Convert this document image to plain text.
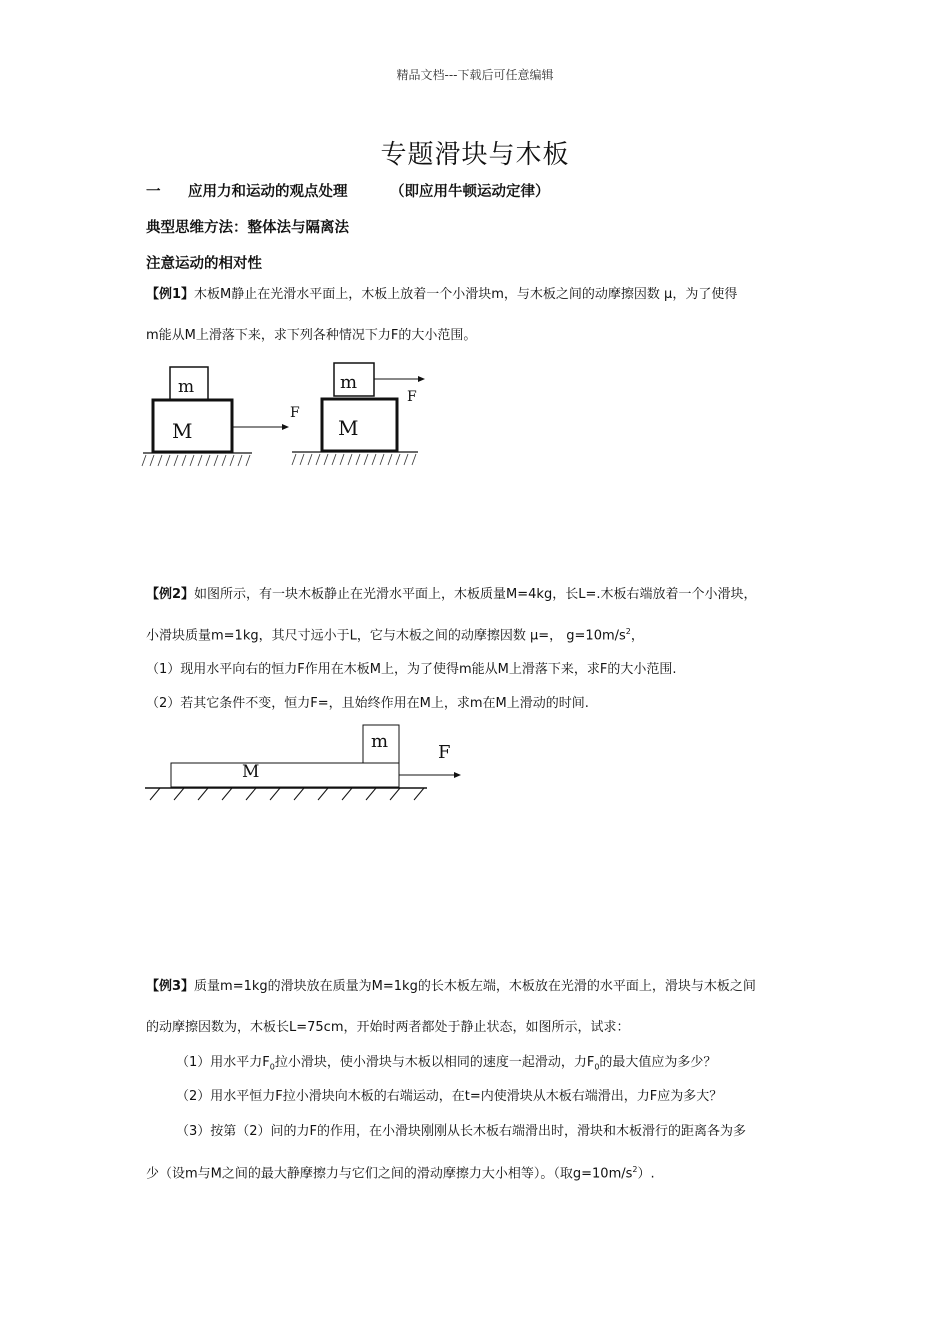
精品文档---下载后可任意编辑
专题滑块与木板
一 应用力和运动的观点处理	（即应用牛顿运动定律）
典型思维方法：整体法与隔离法
注意运动的相对性
【例1】木板M静止在光滑水平面上，木板上放着一个小滑块m，与木板之间的动摩擦因数 μ，为了使得
m能从M上滑落下来，求下列各种情况下力F的大小范围。
m
M
F
m
M
F
【例2】如图所示，有一块木板静止在光滑水平面上，木板质量M=4kg，长L=.木板右端放着一个小滑块，
小滑块质量m=1kg，其尺寸远小于L，它与木板之间的动摩擦因数 μ=， $g=10m/s^2$，
（1）现用水平向右的恒力F作用在木板M上，为了使得m能从M上滑落下来，求F的大小范围.
（2）若其它条件不变，恒力F=，且始终作用在M上，求m在M上滑动的时间.
m
M
F
【例3】质量m=1kg的滑块放在质量为M=1kg的长木板左端，木板放在光滑的水平面上，滑块与木板之间
的动摩擦因数为，木板长L=75cm，开始时两者都处于静止状态，如图所示，试求：
（1）用水平力$F_0$拉小滑块，使小滑块与木板以相同的速度一起滑动，力$F_0$的最大值应为多少？
（2）用水平恒力F拉小滑块向木板的右端运动，在t=内使滑块从木板右端滑出，力F应为多大？
（3）按第（2）问的力F的作用，在小滑块刚刚从长木板右端滑出时，滑块和木板滑行的距离各为多
少（设m与M之间的最大静摩擦力与它们之间的滑动摩擦力大小相等）。（取$g=10m/s^2$）.
